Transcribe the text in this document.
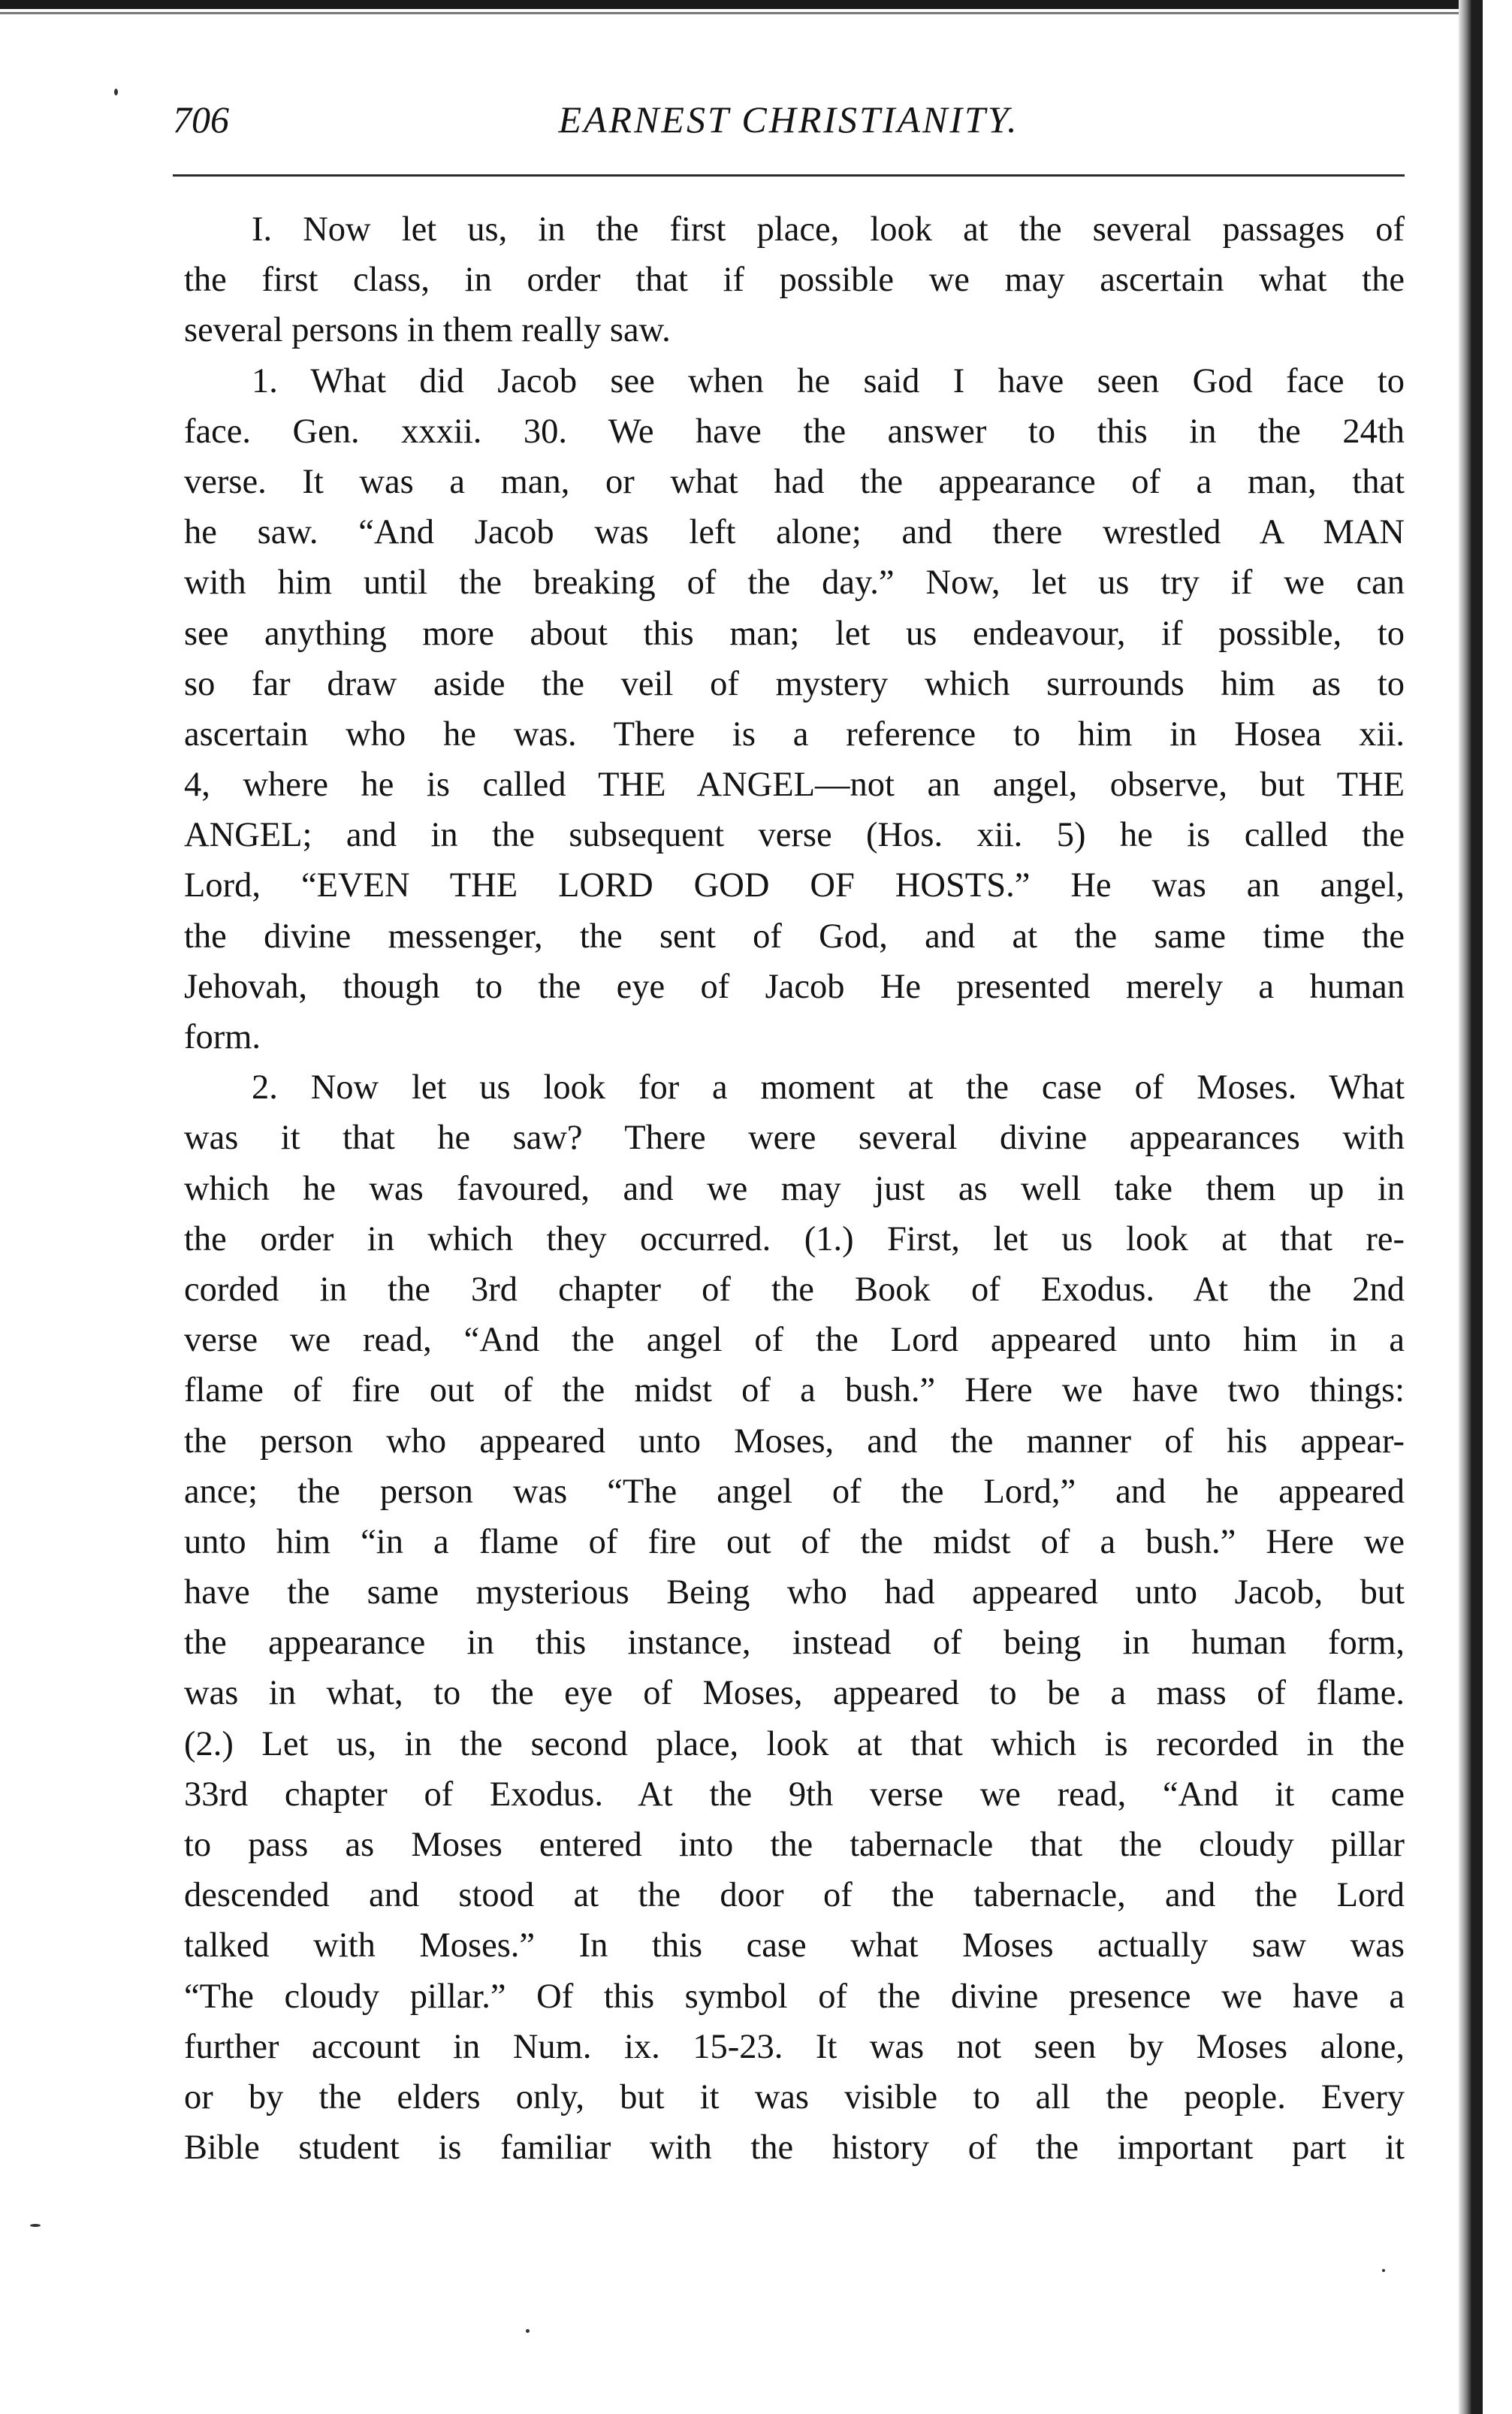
706	EARNEST CHRISTIANITY.
I. Now let us, in the first place, look at the several passages of
the first class, in order that if possible we may ascertain what the
several persons in them really saw.
1. What did Jacob see when he said I have seen God face to
face. Gen. xxxii. 30. We have the answer to this in the 24th
verse. It was a man, or what had the appearance of a man, that
he saw. “And Jacob was left alone; and there wrestled A MAN
with him until the breaking of the day.” Now, let us try if we can
see anything more about this man; let us endeavour, if possible, to
so far draw aside the veil of mystery which surrounds him as to
ascertain who he was. There is a reference to him in Hosea xii.
4, where he is called THE ANGEL—not an angel, observe, but THE
ANGEL; and in the subsequent verse (Hos. xii. 5) he is called the
Lord, “EVEN THE LORD GOD OF HOSTS.” He was an angel,
the divine messenger, the sent of God, and at the same time the
Jehovah, though to the eye of Jacob He presented merely a human
form.
2. Now let us look for a moment at the case of Moses. What
was it that he saw? There were several divine appearances with
which he was favoured, and we may just as well take them up in
the order in which they occurred. (1.) First, let us look at that re-
corded in the 3rd chapter of the Book of Exodus. At the 2nd
verse we read, “And the angel of the Lord appeared unto him in a
flame of fire out of the midst of a bush.” Here we have two things:
the person who appeared unto Moses, and the manner of his appear-
ance; the person was “The angel of the Lord,” and he appeared
unto him “in a flame of fire out of the midst of a bush.” Here we
have the same mysterious Being who had appeared unto Jacob, but
the appearance in this instance, instead of being in human form,
was in what, to the eye of Moses, appeared to be a mass of flame.
(2.) Let us, in the second place, look at that which is recorded in the
33rd chapter of Exodus. At the 9th verse we read, “And it came
to pass as Moses entered into the tabernacle that the cloudy pillar
descended and stood at the door of the tabernacle, and the Lord
talked with Moses.” In this case what Moses actually saw was
“The cloudy pillar.” Of this symbol of the divine presence we have a
further account in Num. ix. 15-23. It was not seen by Moses alone,
or by the elders only, but it was visible to all the people. Every
Bible student is familiar with the history of the important part it
